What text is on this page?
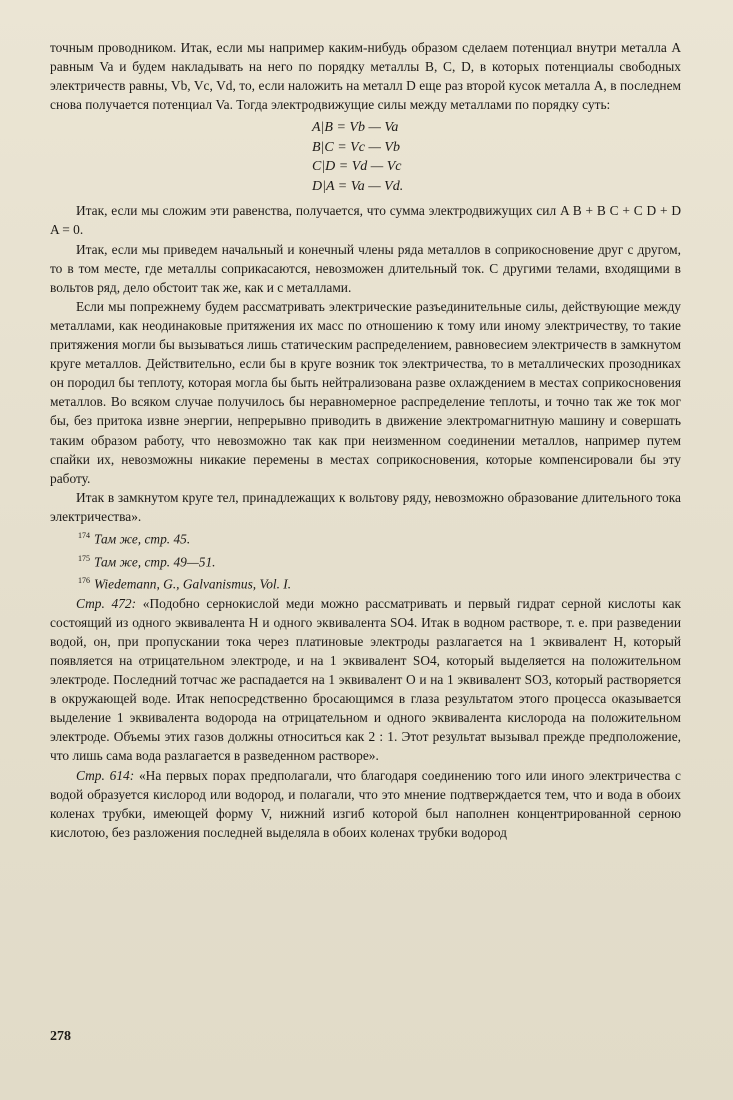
точным проводником. Итак, если мы например каким-нибудь образом сделаем потенциал внутри металла A равным Va и будем накладывать на него по порядку металлы B, C, D, в которых потенциалы свободных электричеств равны, Vb, Vc, Vd, то, если наложить на металл D еще раз второй кусок металла A, в последнем снова получается потенциал Va. Тогда электродвижущие силы между металлами по порядку суть:

A|B = Vb — Va
B|C = Vc — Vb
C|D = Vd — Vc
D|A = Va — Vd.

Итак, если мы сложим эти равенства, получается, что сумма электродвижущих сил A B + B C + C D + D A = 0.

Итак, если мы приведем начальный и конечный члены ряда металлов в соприкосновение друг с другом, то в том месте, где металлы соприкасаются, невозможен длительный ток. С другими телами, входящими в вольтов ряд, дело обстоит так же, как и с металлами.

Если мы попрежнему будем рассматривать электрические разъединительные силы, действующие между металлами, как неодинаковые притяжения их масс по отношению к тому или иному электричеству, то такие притяжения могли бы вызываться лишь статическим распределением, равновесием электричеств в замкнутом круге металлов. Действительно, если бы в круге возник ток электричества, то в металлических прозодниках он породил бы теплоту, которая могла бы быть нейтрализована разве охлаждением в местах соприкосновения металлов. Во всяком случае получилось бы неравномерное распределение теплоты, и точно так же ток мог бы, без притока извне энергии, непрерывно приводить в движение электромагнитную машину и совершать таким образом работу, что невозможно так как при неизменном соединении металлов, например путем спайки их, невозможны никакие перемены в местах соприкосновения, которые компенсировали бы эту работу.

Итак в замкнутом круге тел, принадлежащих к вольтову ряду, невозможно образование длительного тока электричества».

$^{174}$ Там же, стр. 45.
$^{175}$ Там же, стр. 49—51.
$^{176}$ Wiedemann, G., Galvanismus, Vol. I.

Стр. 472: «Подобно сернокислой меди можно рассматривать и первый гидрат серной кислоты как состоящий из одного эквивалента H и одного эквивалента SO4. Итак в водном растворе, т. е. при разведении водой, он, при пропускании тока через платиновые электроды разлагается на 1 эквивалент H, который появляется на отрицательном электроде, и на 1 эквивалент SO4, который выделяется на положительном электроде. Последний тотчас же распадается на 1 эквивалент O и на 1 эквивалент SO3, который растворяется в окружающей воде. Итак непосредственно бросающимся в глаза результатом этого процесса оказывается выделение 1 эквивалента водорода на отрицательном и одного эквивалента кислорода на положительном электроде. Объемы этих газов должны относиться как 2 : 1. Этот результат вызывал прежде предположение, что лишь сама вода разлагается в разведенном растворе».

Стр. 614: «На первых порах предполагали, что благодаря соединению того или иного электричества с водой образуется кислород или водород, и полагали, что это мнение подтверждается тем, что и вода в обоих коленах трубки, имеющей форму V, нижний изгиб которой был наполнен концентрированной серною кислотою, без разложения последней выделяла в обоих коленах трубки водород

278
